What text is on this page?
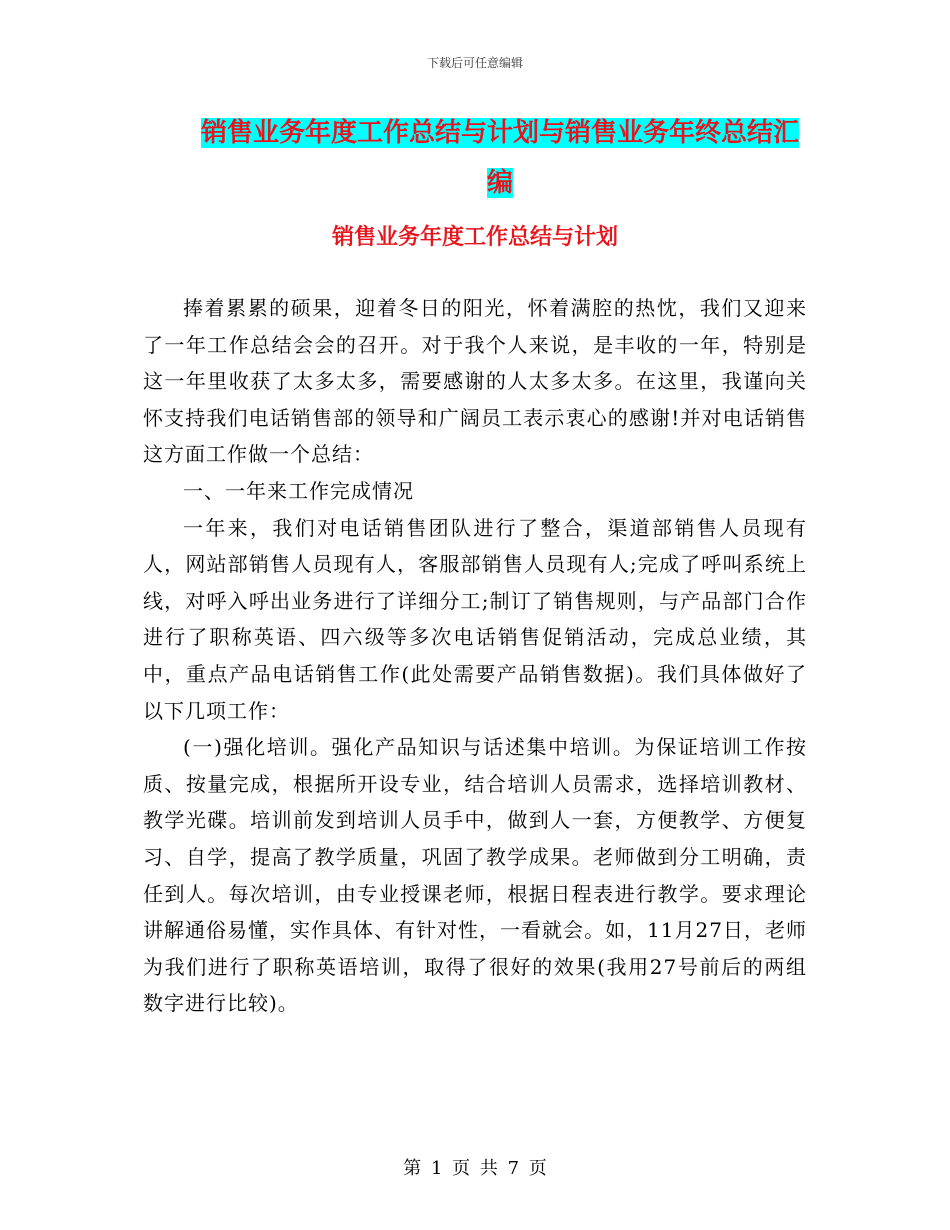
下载后可任意编辑
销售业务年度工作总结与计划与销售业务年终总结汇
编
销售业务年度工作总结与计划

捧着累累的硕果，迎着冬日的阳光，怀着满腔的热忱，我们又迎来了一年工作总结会会的召开。对于我个人来说，是丰收的一年，特别是这一年里收获了太多太多，需要感谢的人太多太多。在这里，我谨向关怀支持我们电话销售部的领导和广阔员工表示衷心的感谢!并对电话销售这方面工作做一个总结：

一、一年来工作完成情况

一年来，我们对电话销售团队进行了整合，渠道部销售人员现有人，网站部销售人员现有人，客服部销售人员现有人;完成了呼叫系统上线，对呼入呼出业务进行了详细分工;制订了销售规则，与产品部门合作进行了职称英语、四六级等多次电话销售促销活动，完成总业绩，其中，重点产品电话销售工作(此处需要产品销售数据)。我们具体做好了以下几项工作：

(一)强化培训。强化产品知识与话述集中培训。为保证培训工作按质、按量完成，根据所开设专业，结合培训人员需求，选择培训教材、教学光碟。培训前发到培训人员手中，做到人一套，方便教学、方便复习、自学，提高了教学质量，巩固了教学成果。老师做到分工明确，责任到人。每次培训，由专业授课老师，根据日程表进行教学。要求理论讲解通俗易懂，实作具体、有针对性，一看就会。如，11月27日，老师为我们进行了职称英语培训，取得了很好的效果(我用27号前后的两组数字进行比较)。

第 1 页 共 7 页
